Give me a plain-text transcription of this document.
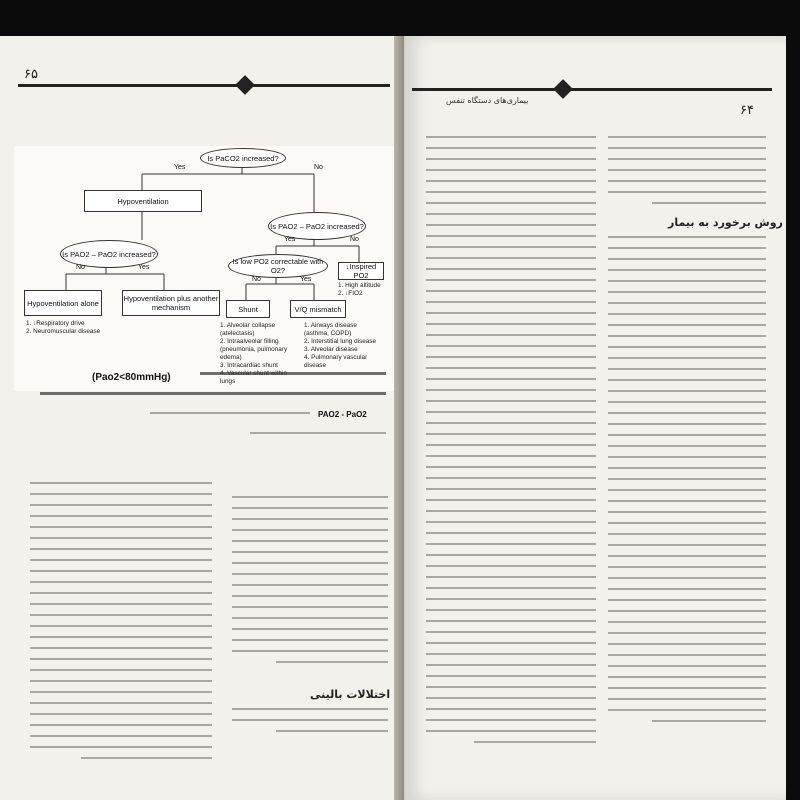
۶۵
Is PaCO2 increased?
Yes	No
Hypoventilation
Is PAO2 – PaO2 increased?
Yes	No
Is PAO2 – PaO2 increased?
No	Yes
Is low PO2 correctable with O2?
No	Yes
↓Inspired PO2
1. High altitude
2. ↓FIO2
Hypoventilation alone
1. ↓Respiratory drive
2. Neuromuscular disease
Hypoventilation plus another mechanism	Shunt	V/Q mismatch
1. Alveolar collapse (atelectasis)
2. Intraalveolar filling (pneumonia, pulmonary edema)
3. Intracardiac shunt
lungs
1. Airways disease (asthma, COPD)
2. Interstitial lung disease
3. Alveolar disease
4. Pulmonary vascular disease
(Pao2<80mmHg)
PAO2 - PaO2
اختلالات بالینی
بیماری‌های دستگاه تنفس
۶۴
روش برخورد به بیمار
